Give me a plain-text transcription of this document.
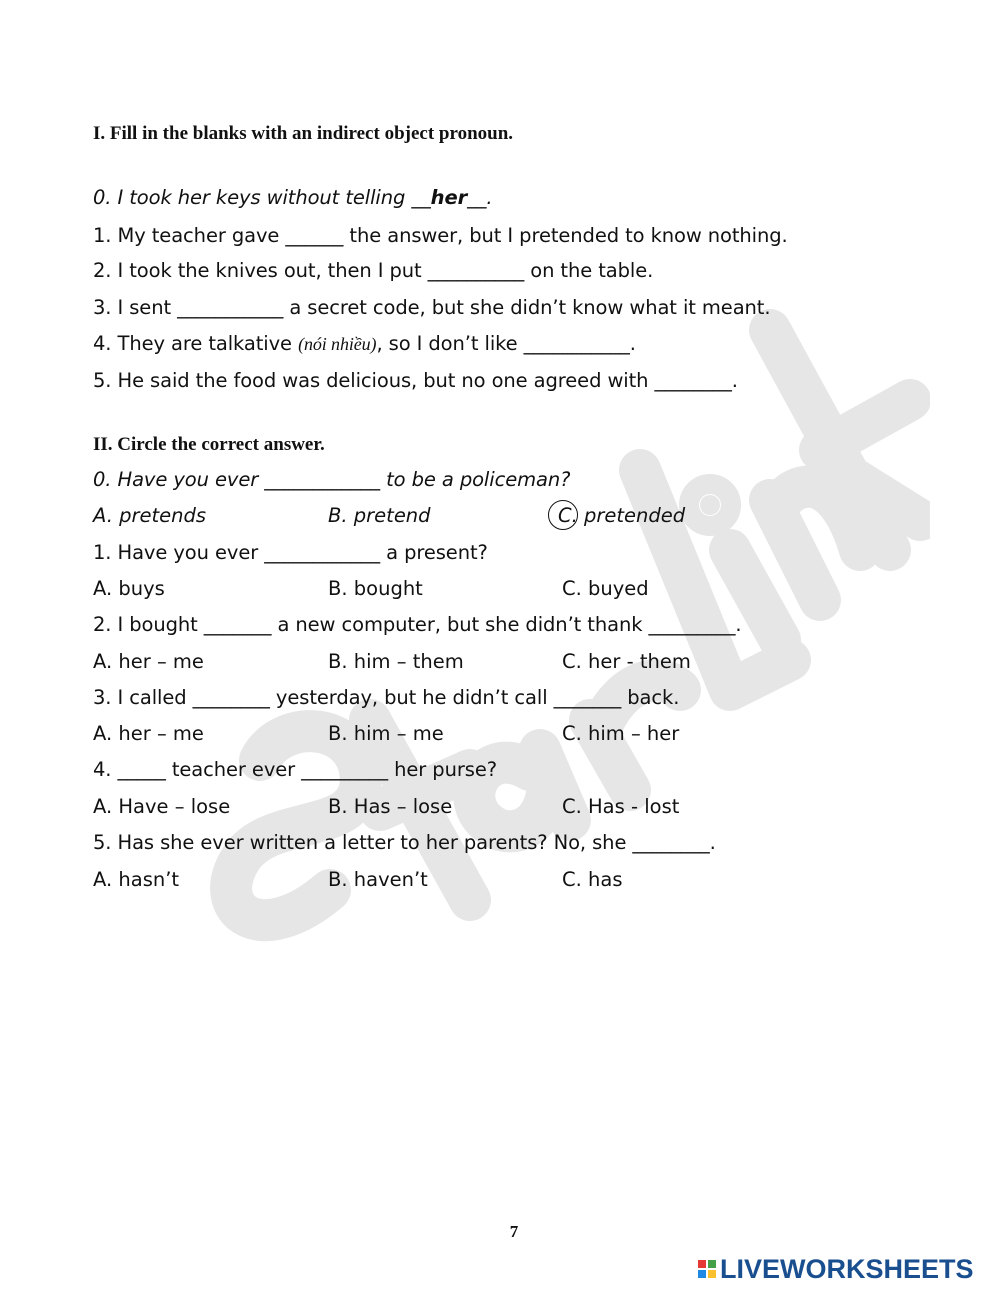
I. Fill in the blanks with an indirect object pronoun.
0. I took her keys without telling __her__.
1. My teacher gave ______ the answer, but I pretended to know nothing.
2. I took the knives out, then I put __________ on the table.
3. I sent ___________ a secret code, but she didn’t know what it meant.
4. They are talkative (nói nhiều), so I don’t like ___________.
5. He said the food was delicious, but no one agreed with ________.
II. Circle the correct answer.
0. Have you ever ____________ to be a policeman?
A. pretends	B. pretend	C. pretended
1. Have you ever ____________ a present?
A. buys	B. bought	C. buyed
2. I bought _______ a new computer, but she didn’t thank _________.
A. her – me	B. him – them	C. her - them
3. I called ________ yesterday, but he didn’t call _______ back.
A. her – me	B. him – me	C. him – her
4. _____ teacher ever _________ her purse?
A. Have – lose	B. Has – lose	C. Has - lost
5. Has she ever written a letter to her parents? No, she ________.
A. hasn’t	B. haven’t	C. has
7
LIVEWORKSHEETS
